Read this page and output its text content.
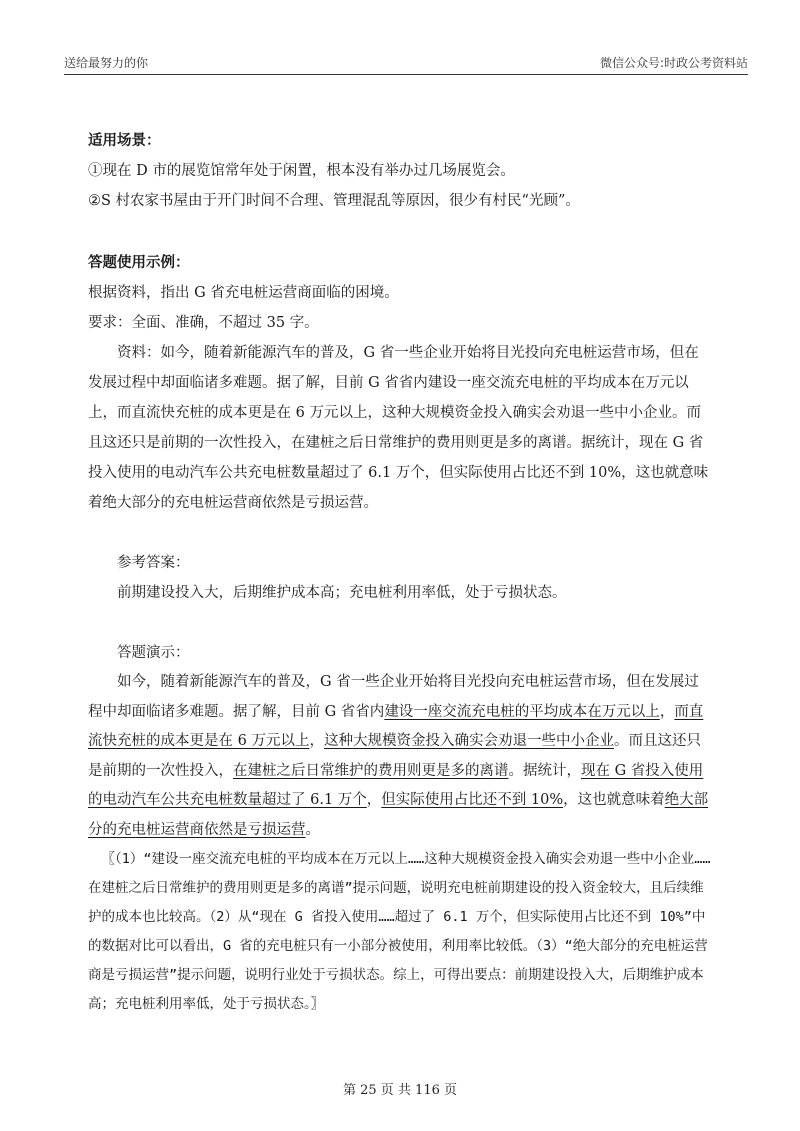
送给最努力的你	微信公众号:时政公考资料站

适用场景：

①现在 D 市的展览馆常年处于闲置，根本没有举办过几场展览会。

②S 村农家书屋由于开门时间不合理、管理混乱等原因，很少有村民“光顾”。

答题使用示例：

根据资料，指出 G 省充电桩运营商面临的困境。

要求：全面、准确，不超过 35 字。

资料：如今，随着新能源汽车的普及，G 省一些企业开始将目光投向充电桩运营市场，但在发展过程中却面临诸多难题。据了解，目前 G 省省内建设一座交流充电桩的平均成本在万元以上，而直流快充桩的成本更是在 6 万元以上，这种大规模资金投入确实会劝退一些中小企业。而且这还只是前期的一次性投入，在建桩之后日常维护的费用则更是多的离谱。据统计，现在 G 省投入使用的电动汽车公共充电桩数量超过了 6.1 万个，但实际使用占比还不到 10%，这也就意味着绝大部分的充电桩运营商依然是亏损运营。

参考答案：

前期建设投入大，后期维护成本高；充电桩利用率低，处于亏损状态。

答题演示：

如今，随着新能源汽车的普及，G 省一些企业开始将目光投向充电桩运营市场，但在发展过程中却面临诸多难题。据了解，目前 G 省省内建设一座交流充电桩的平均成本在万元以上，而直流快充桩的成本更是在 6 万元以上，这种大规模资金投入确实会劝退一些中小企业。而且这还只是前期的一次性投入，在建桩之后日常维护的费用则更是多的离谱。据统计，现在 G 省投入使用的电动汽车公共充电桩数量超过了 6.1 万个，但实际使用占比还不到 10%，这也就意味着绝大部分的充电桩运营商依然是亏损运营。

〖（1）“建设一座交流充电桩的平均成本在万元以上……这种大规模资金投入确实会劝退一些中小企业……在建桩之后日常维护的费用则更是多的离谱”提示问题，说明充电桩前期建设的投入资金较大，且后续维护的成本也比较高。（2）从“现在 G 省投入使用……超过了 6.1 万个，但实际使用占比还不到 10%”中的数据对比可以看出，G 省的充电桩只有一小部分被使用，利用率比较低。（3）“绝大部分的充电桩运营商是亏损运营”提示问题，说明行业处于亏损状态。综上，可得出要点：前期建设投入大，后期维护成本高；充电桩利用率低，处于亏损状态。〗

第 25 页 共 116 页
